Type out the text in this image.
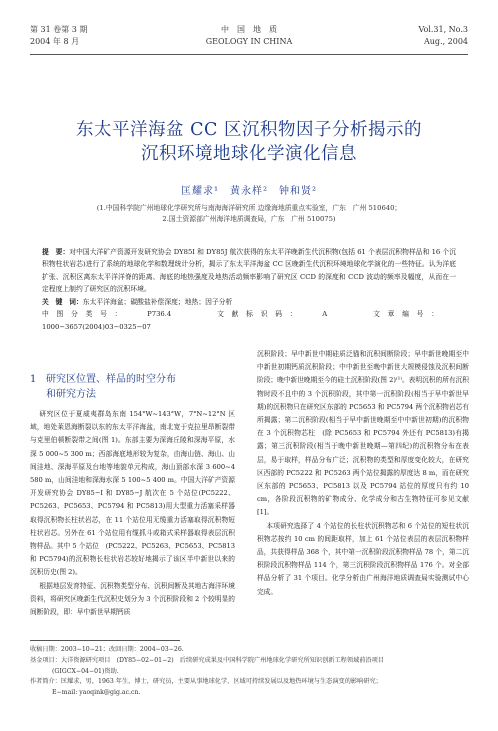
第 31 卷第 3 期
2004 年 8 月
中　国　地　质
GEOLOGY IN CHINA
Vol.31, No.3
Aug., 2004
东太平洋海盆 CC 区沉积物因子分析揭示的
沉积环境地球化学演化信息
匡耀求¹　黄永样²　钟和贤²
(1.中国科学院广州地球化学研究所与南海海洋研究所 边缘海地质重点实验室，广东　广州 510640；
2.国土资源部广州海洋地质调查局，广东　广州 510075)
提　要：对中国大洋矿产资源开发研究协会 DY85I 和 DY85J 航次获得的东太平洋晚新生代沉积物(包括 61 个表层沉积物样品和 16 个沉积物柱状岩芯)进行了系统的地球化学和数理统计分析，揭示了东太平洋海盆 CC 区晚新生代沉积环境地球化学演化的一些特征。认为洋底扩张、沉积区离东太平洋洋脊的距离、海底的地热强度及地热活动频率影响了研究区 CCD 的深度和 CCD 波动的频率及幅度，从而在一定程度上制约了研究区的沉积环境。
关　键　词：东太平洋海盆；碳酸盐补偿深度；地热；因子分析
中图分类号：	P736.4	文献标识码：	A	文章编号：1000−3657(2004)03−0325−07
1 研究区位置、样品的时空分布
和研究方法

研究区位于夏威夷群岛东南 154°W~143°W，7°N~12°N 区域，地处莱恩海断裂以东的东太平洋海盆，南北宽于克拉里昂断裂带与克里伯顿断裂带之间(图 1)。东部主要为深海丘陵和深海平原，水深 5 000~5 300 m；西部海底地形较为复杂，由海山链、海山、山间洼地、深海平原及台地等地貌单元构成，海山顶部水深 3 600~4 580 m，山间洼地和深海水深 5 100~5 400 m。中国大洋矿产资源开发研究协会 DY85−I 和 DY85−J 航次在 5 个站位(PC5222、PC5263、PC5653、PC5794 和 PC5813)用大型重力活塞采样器取得沉积物长柱状岩芯，在 11 个站位用无缆重力活塞取得沉积物短柱状岩芯。另外在 61 个站位用有缆抓斗或箱式采样器取得表层沉积物样品。其中 5 个站位　(PC5222、PC5263、PC5653、PC5813 和 PC5794)的沉积物长柱状岩芯较好地揭示了该区半中新世以来的沉积历史(图 2)。

根据地层发育特征、沉积物类型分布、沉积间断及其地古海洋环境资料，将研究区晚新生代沉积史划分为 3 个沉积阶段和 2 个较明显的间断阶段，即：早中新世早期钙质

沉积阶段；早中新世中期硅质泛锚和沉积间断阶段；早中新世晚期至中中新世初期钙质沉积阶段；中中新世至晚中新世大规模侵蚀及沉积间断阶段；晚中新世晚期至今的硅土沉积阶段(图 2)⁽¹⁾。表明沉积的所有沉积物时段不且中的 3 个沉积阶段，其中第一沉积阶段(相当于早中新世早期)的沉积物只在研究区东部的 PC5653 和 PC5794 两个沉积物岩芯有所揭露；第二沉积阶段(相当于早中新世晚期至中中新世初期)的沉积物在 3 个沉积物芯柱　(除 PC5653 和 PC5794 外还有 PC5813)有揭露；第三沉积阶段(相当于晚中新世晚期—第四纪)的沉积物分布在表层，易于取样，样品分布广泛；沉积物的类型和厚度变化较大，在研究区西部的 PC5222 和 PC5263 两个站位揭露的厚度达 8 m，而在研究区东部的 PC5653、PC5813 以及 PC5794 站位的厚度只有约 10 cm，各阶段沉积物的矿物成分、化学成分和古生物特征可参见文献[1]。

本项研究选择了 4 个站位的长柱状沉积物芯和 6 个站位的短柱状沉积物芯按约 10 cm 的间距取样，加上 61 个站位表层的表层沉积物样品，共获得样品 368 个，其中第一沉积阶段沉积物样品 78 个，第二沉积阶段沉积物样品 114 个，第三沉积阶段沉积物样品 176 个。对全部样品分析了 31 个项目。化学分析由广州海洋地质调查局实验测试中心完成。

收稿日期：2003−10−21；改回日期：2004−03−26.
基金项目：大洋资源研究项目　(DY85−02−01−2)　后续研究成果及中国科学院广州地球化学研究所知识创新工程领域前沿项目
(GIGCX−04−01)资助.
作者简介：匡耀求，男，1963 年生，博士，研究员，主要从事地球化学、区域可持续发展以及地热环境与生态演变的影响研究；
E−mail: yaoqink@gig.ac.cn.
